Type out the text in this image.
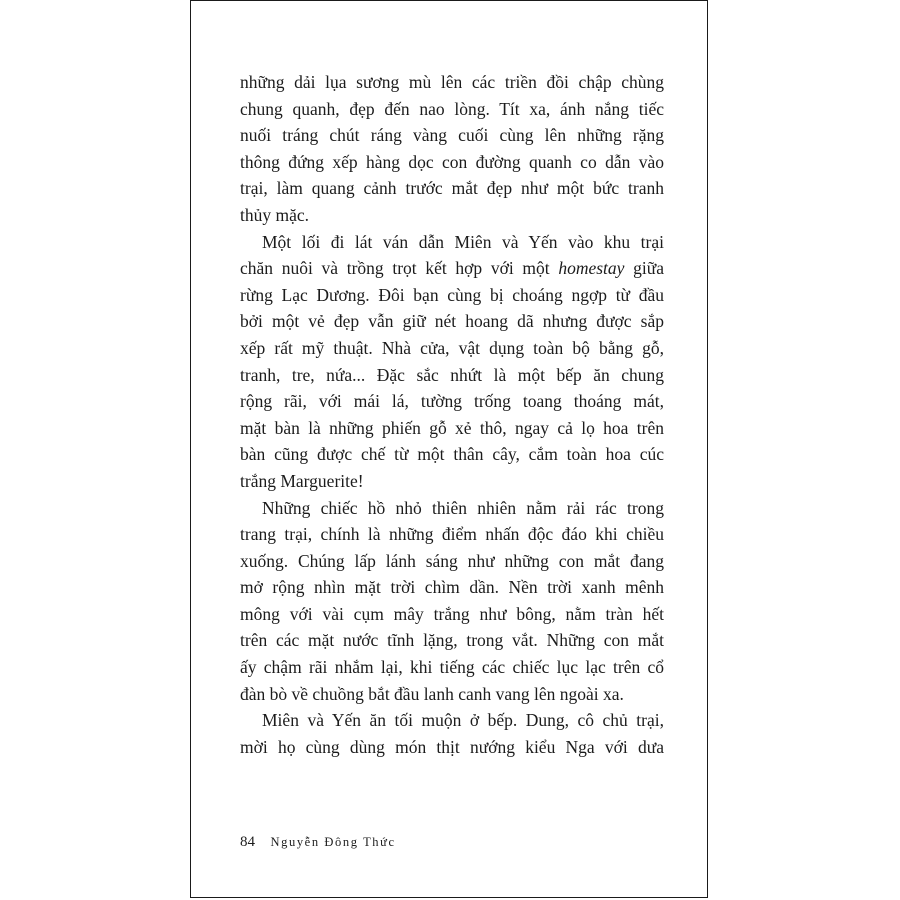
những dải lụa sương mù lên các triền đồi chập chùng
chung quanh, đẹp đến nao lòng. Tít xa, ánh nắng tiếc
nuối tráng chút ráng vàng cuối cùng lên những rặng
thông đứng xếp hàng dọc con đường quanh co dẫn vào
trại, làm quang cảnh trước mắt đẹp như một bức tranh
thủy mặc.
Một lối đi lát ván dẫn Miên và Yến vào khu trại
chăn nuôi và trồng trọt kết hợp với một homestay giữa
rừng Lạc Dương. Đôi bạn cùng bị choáng ngợp từ đầu
bởi một vẻ đẹp vẫn giữ nét hoang dã nhưng được sắp
xếp rất mỹ thuật. Nhà cửa, vật dụng toàn bộ bằng gỗ,
tranh, tre, nứa... Đặc sắc nhứt là một bếp ăn chung
rộng rãi, với mái lá, tường trống toang thoáng mát,
mặt bàn là những phiến gỗ xẻ thô, ngay cả lọ hoa trên
bàn cũng được chế từ một thân cây, cắm toàn hoa cúc
trắng Marguerite!
Những chiếc hồ nhỏ thiên nhiên nằm rải rác trong
trang trại, chính là những điểm nhấn độc đáo khi chiều
xuống. Chúng lấp lánh sáng như những con mắt đang
mở rộng nhìn mặt trời chìm dần. Nền trời xanh mênh
mông với vài cụm mây trắng như bông, nằm tràn hết
trên các mặt nước tĩnh lặng, trong vắt. Những con mắt
ấy chậm rãi nhắm lại, khi tiếng các chiếc lục lạc trên cổ
đàn bò về chuồng bắt đầu lanh canh vang lên ngoài xa.
Miên và Yến ăn tối muộn ở bếp. Dung, cô chủ trại,
mời họ cùng dùng món thịt nướng kiểu Nga với dưa
84 Nguyễn Đông Thức
